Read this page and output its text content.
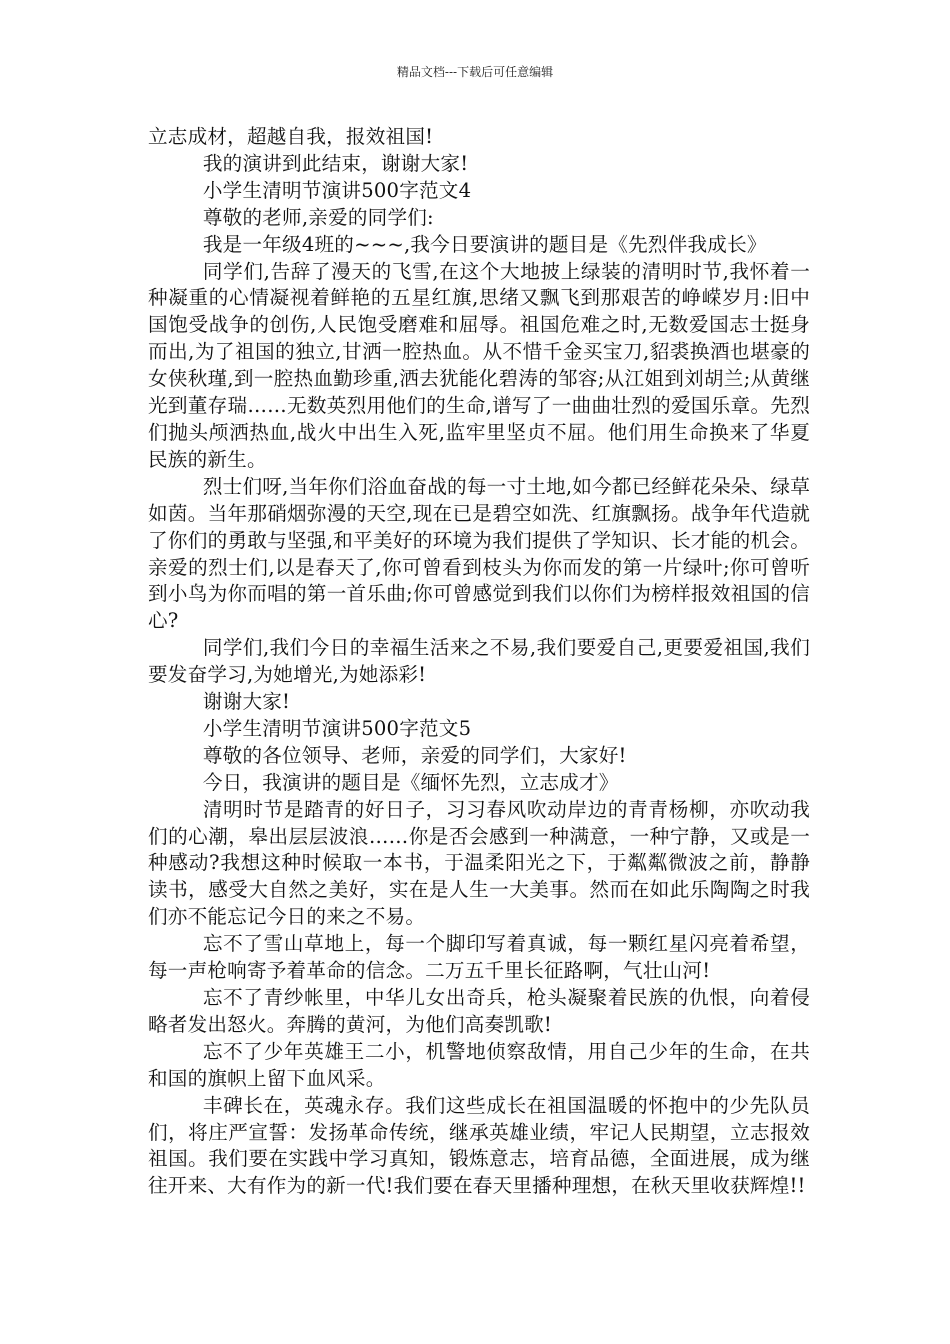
精品文档---下载后可任意编辑

立志成材，超越自我，报效祖国!

我的演讲到此结束，谢谢大家!

小学生清明节演讲500字范文4

尊敬的老师,亲爱的同学们:

我是一年级4班的~~~,我今日要演讲的题目是《先烈伴我成长》

同学们,告辞了漫天的飞雪,在这个大地披上绿装的清明时节,我怀着一种凝重的心情凝视着鲜艳的五星红旗,思绪又飘飞到那艰苦的峥嵘岁月:旧中国饱受战争的创伤,人民饱受磨难和屈辱。祖国危难之时,无数爱国志士挺身而出,为了祖国的独立,甘洒一腔热血。从不惜千金买宝刀,貂裘换酒也堪豪的女侠秋瑾,到一腔热血勤珍重,洒去犹能化碧涛的邹容;从江姐到刘胡兰;从黄继光到董存瑞……无数英烈用他们的生命,谱写了一曲曲壮烈的爱国乐章。先烈们抛头颅洒热血,战火中出生入死,监牢里坚贞不屈。他们用生命换来了华夏民族的新生。

烈士们呀,当年你们浴血奋战的每一寸土地,如今都已经鲜花朵朵、绿草如茵。当年那硝烟弥漫的天空,现在已是碧空如洗、红旗飘扬。战争年代造就了你们的勇敢与坚强,和平美好的环境为我们提供了学知识、长才能的机会。亲爱的烈士们,以是春天了,你可曾看到枝头为你而发的第一片绿叶;你可曾听到小鸟为你而唱的第一首乐曲;你可曾感觉到我们以你们为榜样报效祖国的信心?

同学们,我们今日的幸福生活来之不易,我们要爱自己,更要爱祖国,我们要发奋学习,为她增光,为她添彩!

谢谢大家!

小学生清明节演讲500字范文5

尊敬的各位领导、老师，亲爱的同学们，大家好!

今日，我演讲的题目是《缅怀先烈，立志成才》

清明时节是踏青的好日子，习习春风吹动岸边的青青杨柳，亦吹动我们的心潮，皋出层层波浪……你是否会感到一种满意，一种宁静，又或是一种感动?我想这种时候取一本书，于温柔阳光之下，于粼粼微波之前，静静读书，感受大自然之美好，实在是人生一大美事。然而在如此乐陶陶之时我们亦不能忘记今日的来之不易。

忘不了雪山草地上，每一个脚印写着真诚，每一颗红星闪亮着希望，每一声枪响寄予着革命的信念。二万五千里长征路啊，气壮山河!

忘不了青纱帐里，中华儿女出奇兵，枪头凝聚着民族的仇恨，向着侵略者发出怒火。奔腾的黄河，为他们高奏凯歌!

忘不了少年英雄王二小，机警地侦察敌情，用自己少年的生命，在共和国的旗帜上留下血风采。

丰碑长在，英魂永存。我们这些成长在祖国温暖的怀抱中的少先队员们，将庄严宣誓：发扬革命传统，继承英雄业绩，牢记人民期望，立志报效祖国。我们要在实践中学习真知，锻炼意志，培育品德，全面进展，成为继往开来、大有作为的新一代!我们要在春天里播种理想，在秋天里收获辉煌!!
